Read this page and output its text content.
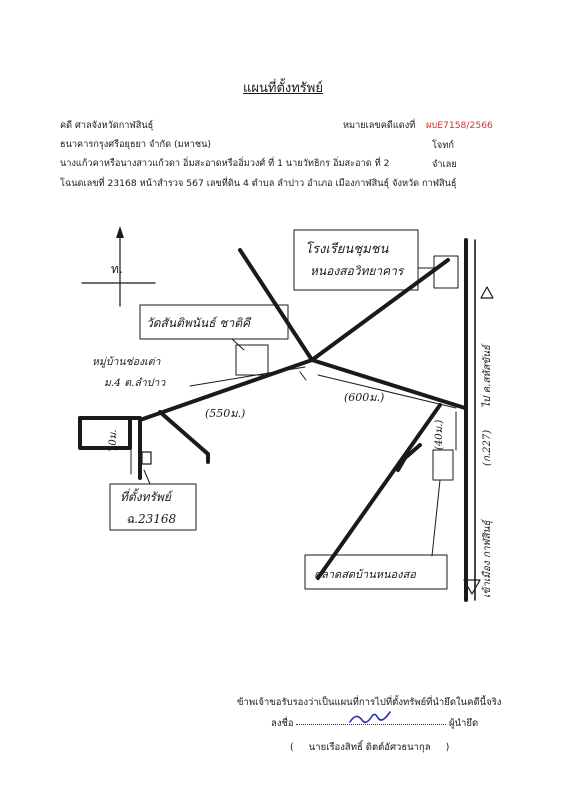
แผนที่ตั้งทรัพย์
คดี ศาลจังหวัดกาฬสินธุ์	หมายเลขคดีแดงที่ ผบE7158/2566
ธนาคารกรุงศรีอยุธยา จำกัด (มหาชน)	โจทก์
นางแก้วคาหรือนางสาวแก้วดา อิ่มสะอาดหรืออิ่มวงศ์ ที่ 1 นายวัทธิกร อิ่มสะอาด ที่ 2	จำเลย
โฉนดเลขที่ 23168 หน้าสำรวจ 567 เลขที่ดิน 4 ตำบล ลำปาว อำเภอ เมืองกาฬสินธุ์ จังหวัด กาฬสินธุ์
ท.
โรงเรียนชุมชน
หนองสอวิทยาคาร
วัดสันติพนันธ์ ชาติคี
หมู่บ้านช่องเต่า
ม.4 ต.ลำปาว
(550ม.)
(600ม.)
70ม.	(40ม.)
เข้าเมือง กาฬสินธุ์
(ก.227)
ไป ค.สหัสขันธ์
ที่ตั้งทรัพย์
ฉ.23168
ตลาดสดบ้านหนองสอ
ข้าพเจ้าขอรับรองว่าเป็นแผนที่การไปที่ตั้งทรัพย์ที่นำยึดในคดีนี้จริง
ลงชื่อ	ผู้นำยึด
(     นายเรืองสิทธิ์ ดิตต์อัศวธนากุล     )
